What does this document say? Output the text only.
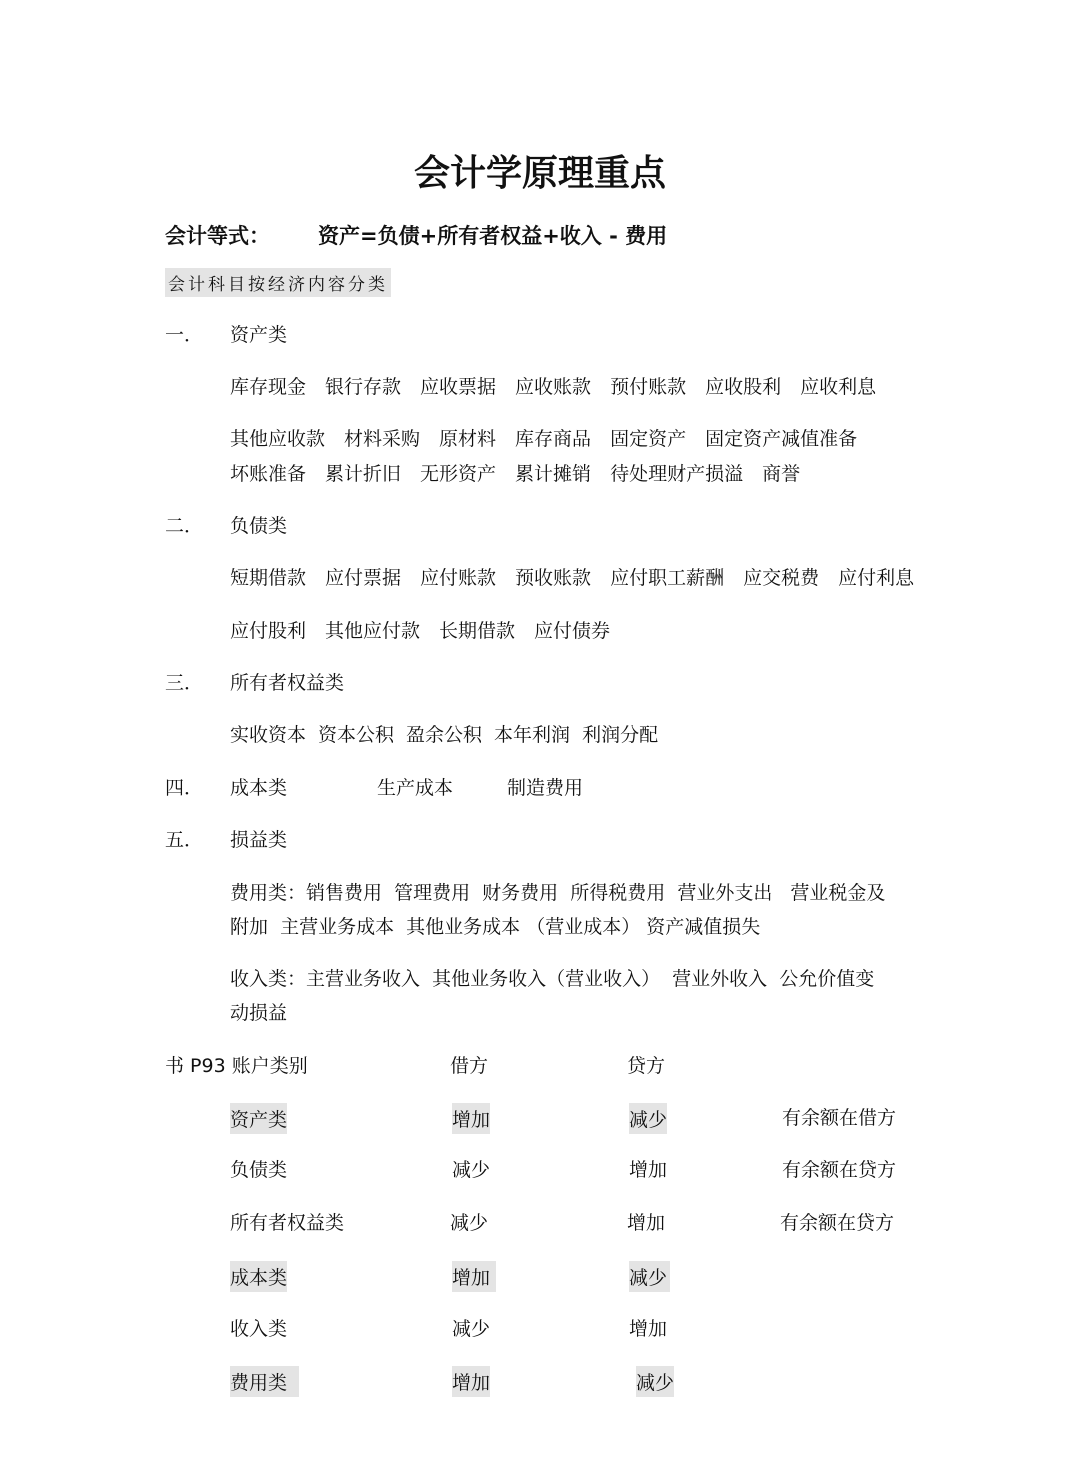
会计学原理重点
会计等式： 资产=负债+所有者权益+收入 - 费用
会计科目按经济内容分类
一． 资产类
库存现金 银行存款 应收票据 应收账款 预付账款 应收股利 应收利息
其他应收款 材料采购 原材料 库存商品 固定资产 固定资产减值准备
坏账准备 累计折旧 无形资产 累计摊销 待处理财产损溢 商誉
二． 负债类
短期借款 应付票据 应付账款 预收账款 应付职工薪酬 应交税费 应付利息
应付股利 其他应付款 长期借款 应付债券
三． 所有者权益类
实收资本 资本公积 盈余公积 本年利润 利润分配
四． 成本类	生产成本	制造费用
五． 损益类
费用类：销售费用  管理费用  财务费用  所得税费用  营业外支出   营业税金及
附加  主营业务成本  其他业务成本 （营业成本） 资产减值损失
收入类：主营业务收入  其他业务收入（营业收入）  营业外收入  公允价值变
动损益
书 P93 账户类别	借方	贷方
资产类	增加	减少	有余额在借方
负债类	减少	增加	有余额在贷方
所有者权益类	减少	增加	有余额在贷方
成本类	增加	减少
收入类	减少	增加
费用类	增加	减少
